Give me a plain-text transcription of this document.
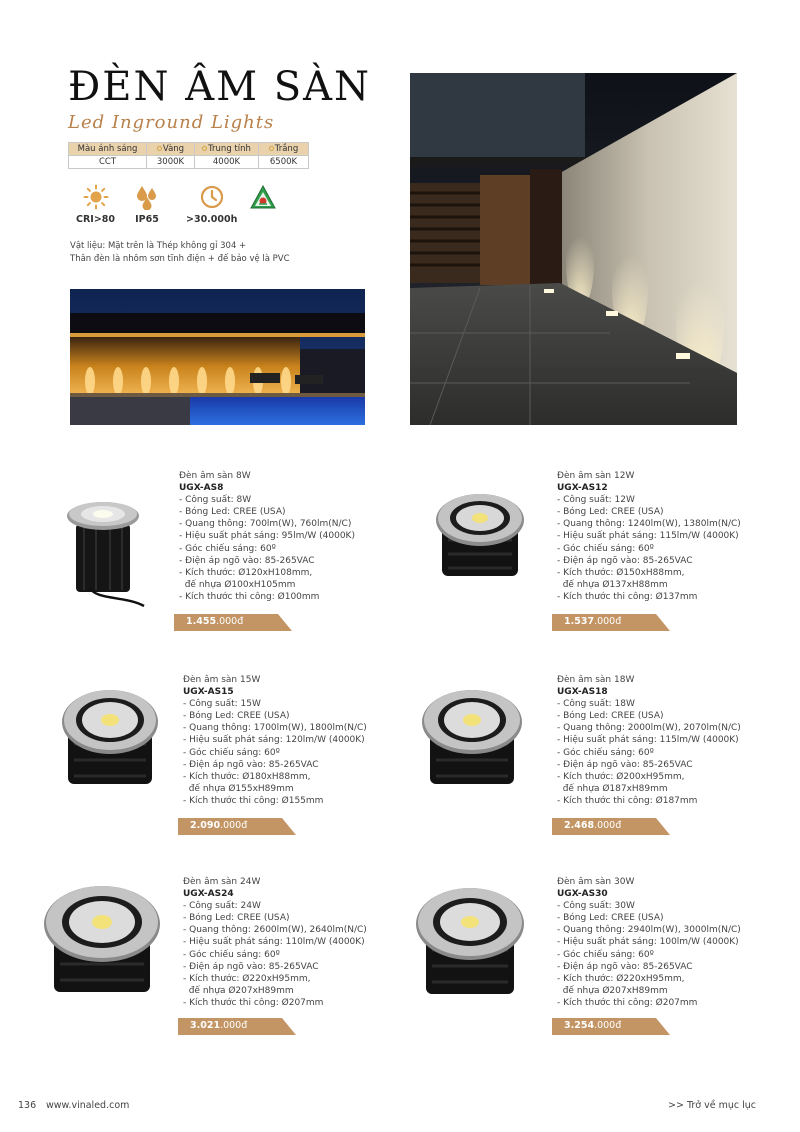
ĐÈN ÂM SÀN
Led Inground Lights
Màu ánh sáng	Vàng	Trung tính	Trắng
CCT	3000K	4000K	6500K
CRI>80 IP65	>30.000h
Vật liệu: Mặt trên là Thép không gỉ 304 +
Thân đèn là nhôm sơn tĩnh điện + đế bảo vệ là PVC
Đèn âm sàn 8W
UGX-AS8
- Công suất: 8W
- Bóng Led: CREE (USA)
- Quang thông: 700lm(W), 760lm(N/C)
- Hiệu suất phát sáng: 95lm/W (4000K)
- Góc chiếu sáng: 60º
- Điện áp ngõ vào: 85-265VAC
- Kích thước: Ø120xH108mm,
đế nhựa Ø100xH105mm
- Kích thước thi công: Ø100mm
1.455.000đ
Đèn âm sàn 12W
UGX-AS12
- Công suất: 12W
- Bóng Led: CREE (USA)
- Quang thông: 1240lm(W), 1380lm(N/C)
- Hiệu suất phát sáng: 115lm/W (4000K)
- Góc chiếu sáng: 60º
- Điện áp ngõ vào: 85-265VAC
- Kích thước: Ø150xH88mm,
đế nhựa Ø137xH88mm
- Kích thước thi công: Ø137mm
1.537.000đ
Đèn âm sàn 15W
UGX-AS15
- Công suất: 15W
- Bóng Led: CREE (USA)
- Quang thông: 1700lm(W), 1800lm(N/C)
- Hiệu suất phát sáng: 120lm/W (4000K)
- Góc chiếu sáng: 60º
- Điện áp ngõ vào: 85-265VAC
- Kích thước: Ø180xH88mm,
đế nhựa Ø155xH89mm
- Kích thước thi công: Ø155mm
2.090.000đ
Đèn âm sàn 18W
UGX-AS18
- Công suất: 18W
- Bóng Led: CREE (USA)
- Quang thông: 2000lm(W), 2070lm(N/C)
- Hiệu suất phát sáng: 115lm/W (4000K)
- Góc chiếu sáng: 60º
- Điện áp ngõ vào: 85-265VAC
- Kích thước: Ø200xH95mm,
đế nhựa Ø187xH89mm
- Kích thước thi công: Ø187mm
2.468.000đ
Đèn âm sàn 24W
UGX-AS24
- Công suất: 24W
- Bóng Led: CREE (USA)
- Quang thông: 2600lm(W), 2640lm(N/C)
- Hiệu suất phát sáng: 110lm/W (4000K)
- Góc chiếu sáng: 60º
- Điện áp ngõ vào: 85-265VAC
- Kích thước: Ø220xH95mm,
đế nhựa Ø207xH89mm
- Kích thước thi công: Ø207mm
3.021.000đ
Đèn âm sàn 30W
UGX-AS30
- Công suất: 30W
- Bóng Led: CREE (USA)
- Quang thông: 2940lm(W), 3000lm(N/C)
- Hiệu suất phát sáng: 100lm/W (4000K)
- Góc chiếu sáng: 60º
- Điện áp ngõ vào: 85-265VAC
- Kích thước: Ø220xH95mm,
đế nhựa Ø207xH89mm
- Kích thước thi công: Ø207mm
3.254.000đ
136 www.vinaled.com	>> Trở về mục lục
